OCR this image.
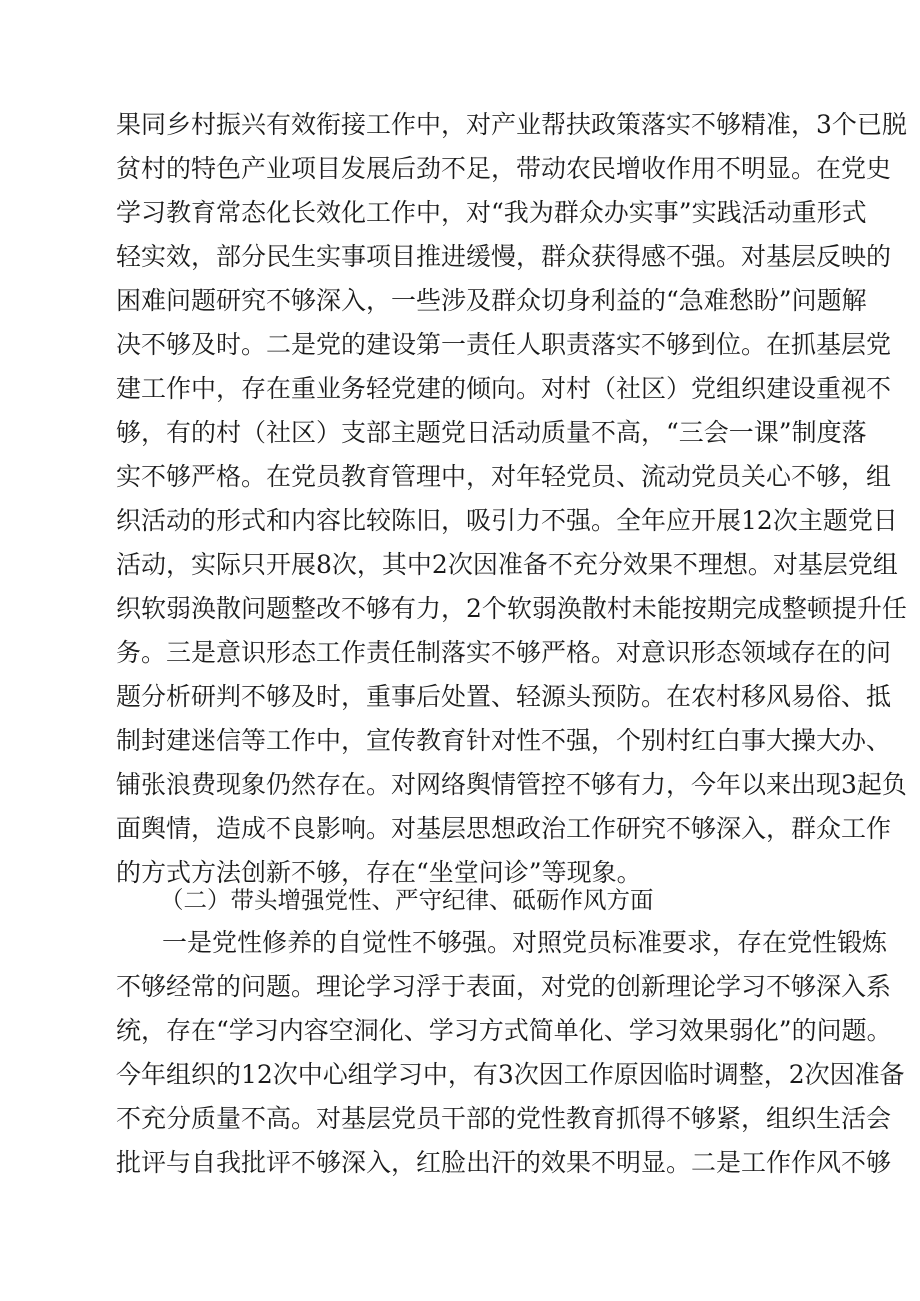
果同乡村振兴有效衔接工作中，对产业帮扶政策落实不够精准，3个已脱
贫村的特色产业项目发展后劲不足，带动农民增收作用不明显。在党史
学习教育常态化长效化工作中，对“我为群众办实事”实践活动重形式
轻实效，部分民生实事项目推进缓慢，群众获得感不强。对基层反映的
困难问题研究不够深入，一些涉及群众切身利益的“急难愁盼”问题解
决不够及时。二是党的建设第一责任人职责落实不够到位。在抓基层党
建工作中，存在重业务轻党建的倾向。对村（社区）党组织建设重视不
够，有的村（社区）支部主题党日活动质量不高，“三会一课”制度落
实不够严格。在党员教育管理中，对年轻党员、流动党员关心不够，组
织活动的形式和内容比较陈旧，吸引力不强。全年应开展12次主题党日
活动，实际只开展8次，其中2次因准备不充分效果不理想。对基层党组
织软弱涣散问题整改不够有力，2个软弱涣散村未能按期完成整顿提升任
务。三是意识形态工作责任制落实不够严格。对意识形态领域存在的问
题分析研判不够及时，重事后处置、轻源头预防。在农村移风易俗、抵
制封建迷信等工作中，宣传教育针对性不强，个别村红白事大操大办、
铺张浪费现象仍然存在。对网络舆情管控不够有力，今年以来出现3起负
面舆情，造成不良影响。对基层思想政治工作研究不够深入，群众工作
的方式方法创新不够，存在“坐堂问诊”等现象。
（二）带头增强党性、严守纪律、砥砺作风方面
一是党性修养的自觉性不够强。对照党员标准要求，存在党性锻炼
不够经常的问题。理论学习浮于表面，对党的创新理论学习不够深入系
统，存在“学习内容空洞化、学习方式简单化、学习效果弱化”的问题。
今年组织的12次中心组学习中，有3次因工作原因临时调整，2次因准备
不充分质量不高。对基层党员干部的党性教育抓得不够紧，组织生活会
批评与自我批评不够深入，红脸出汗的效果不明显。二是工作作风不够
